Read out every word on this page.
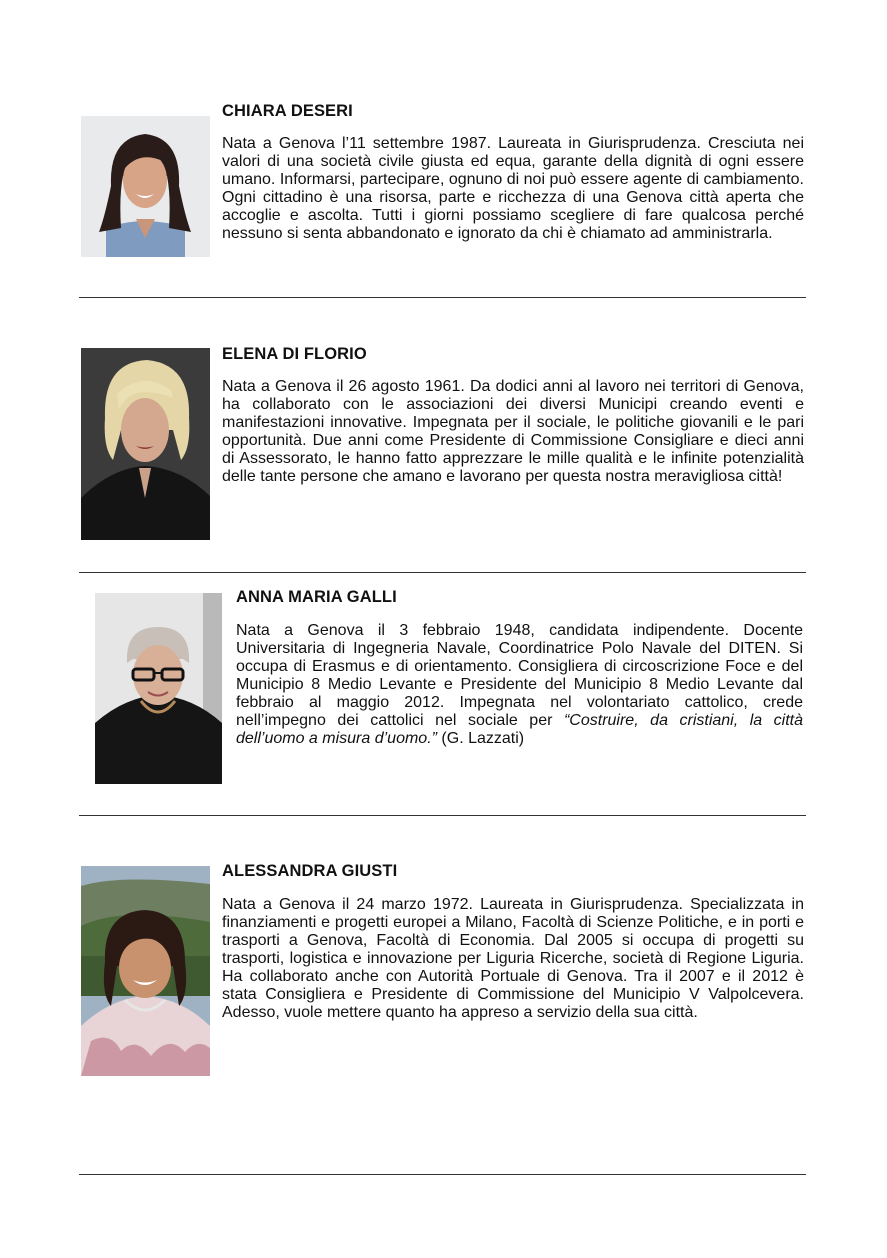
CHIARA DESERI

Nata a Genova l’11 settembre 1987. Laureata in Giurisprudenza. Cresciuta nei valori di una società civile giusta ed equa, garante della dignità di ogni essere umano. Informarsi, partecipare, ognuno di noi può essere agente di cambiamento. Ogni cittadino è una risorsa, parte e ricchezza di una Genova città aperta che accoglie e ascolta. Tutti i giorni possiamo scegliere di fare qualcosa perché nessuno si senta abbandonato e ignorato da chi è chiamato ad amministrarla.

ELENA DI FLORIO

Nata a Genova il 26 agosto 1961. Da dodici anni al lavoro nei territori di Genova, ha collaborato con le associazioni dei diversi Municipi creando eventi e manifestazioni innovative. Impegnata per il sociale, le politiche giovanili e le pari opportunità. Due anni come Presidente di Commissione Consigliare e dieci anni di Assessorato, le hanno fatto apprezzare le mille qualità e le infinite potenzialità delle tante persone che amano e lavorano per questa nostra meravigliosa città!

ANNA MARIA GALLI

Nata a Genova il 3 febbraio 1948, candidata indipendente. Docente Universitaria di Ingegneria Navale, Coordinatrice Polo Navale del DITEN. Si occupa di Erasmus e di orientamento. Consigliera di circoscrizione Foce e del Municipio 8 Medio Levante e Presidente del Municipio 8 Medio Levante dal febbraio al maggio 2012. Impegnata nel volontariato cattolico, crede nell’impegno dei cattolici nel sociale per “Costruire, da cristiani, la città dell’uomo a misura d’uomo.” (G. Lazzati)

ALESSANDRA GIUSTI

Nata a Genova il 24 marzo 1972. Laureata in Giurisprudenza. Specializzata in finanziamenti e progetti europei a Milano, Facoltà di Scienze Politiche, e in porti e trasporti a Genova, Facoltà di Economia. Dal 2005 si occupa di progetti su trasporti, logistica e innovazione per Liguria Ricerche, società di Regione Liguria. Ha collaborato anche con Autorità Portuale di Genova. Tra il 2007 e il 2012 è stata Consigliera e Presidente di Commissione del Municipio V Valpolcevera. Adesso, vuole mettere quanto ha appreso a servizio della sua città.
